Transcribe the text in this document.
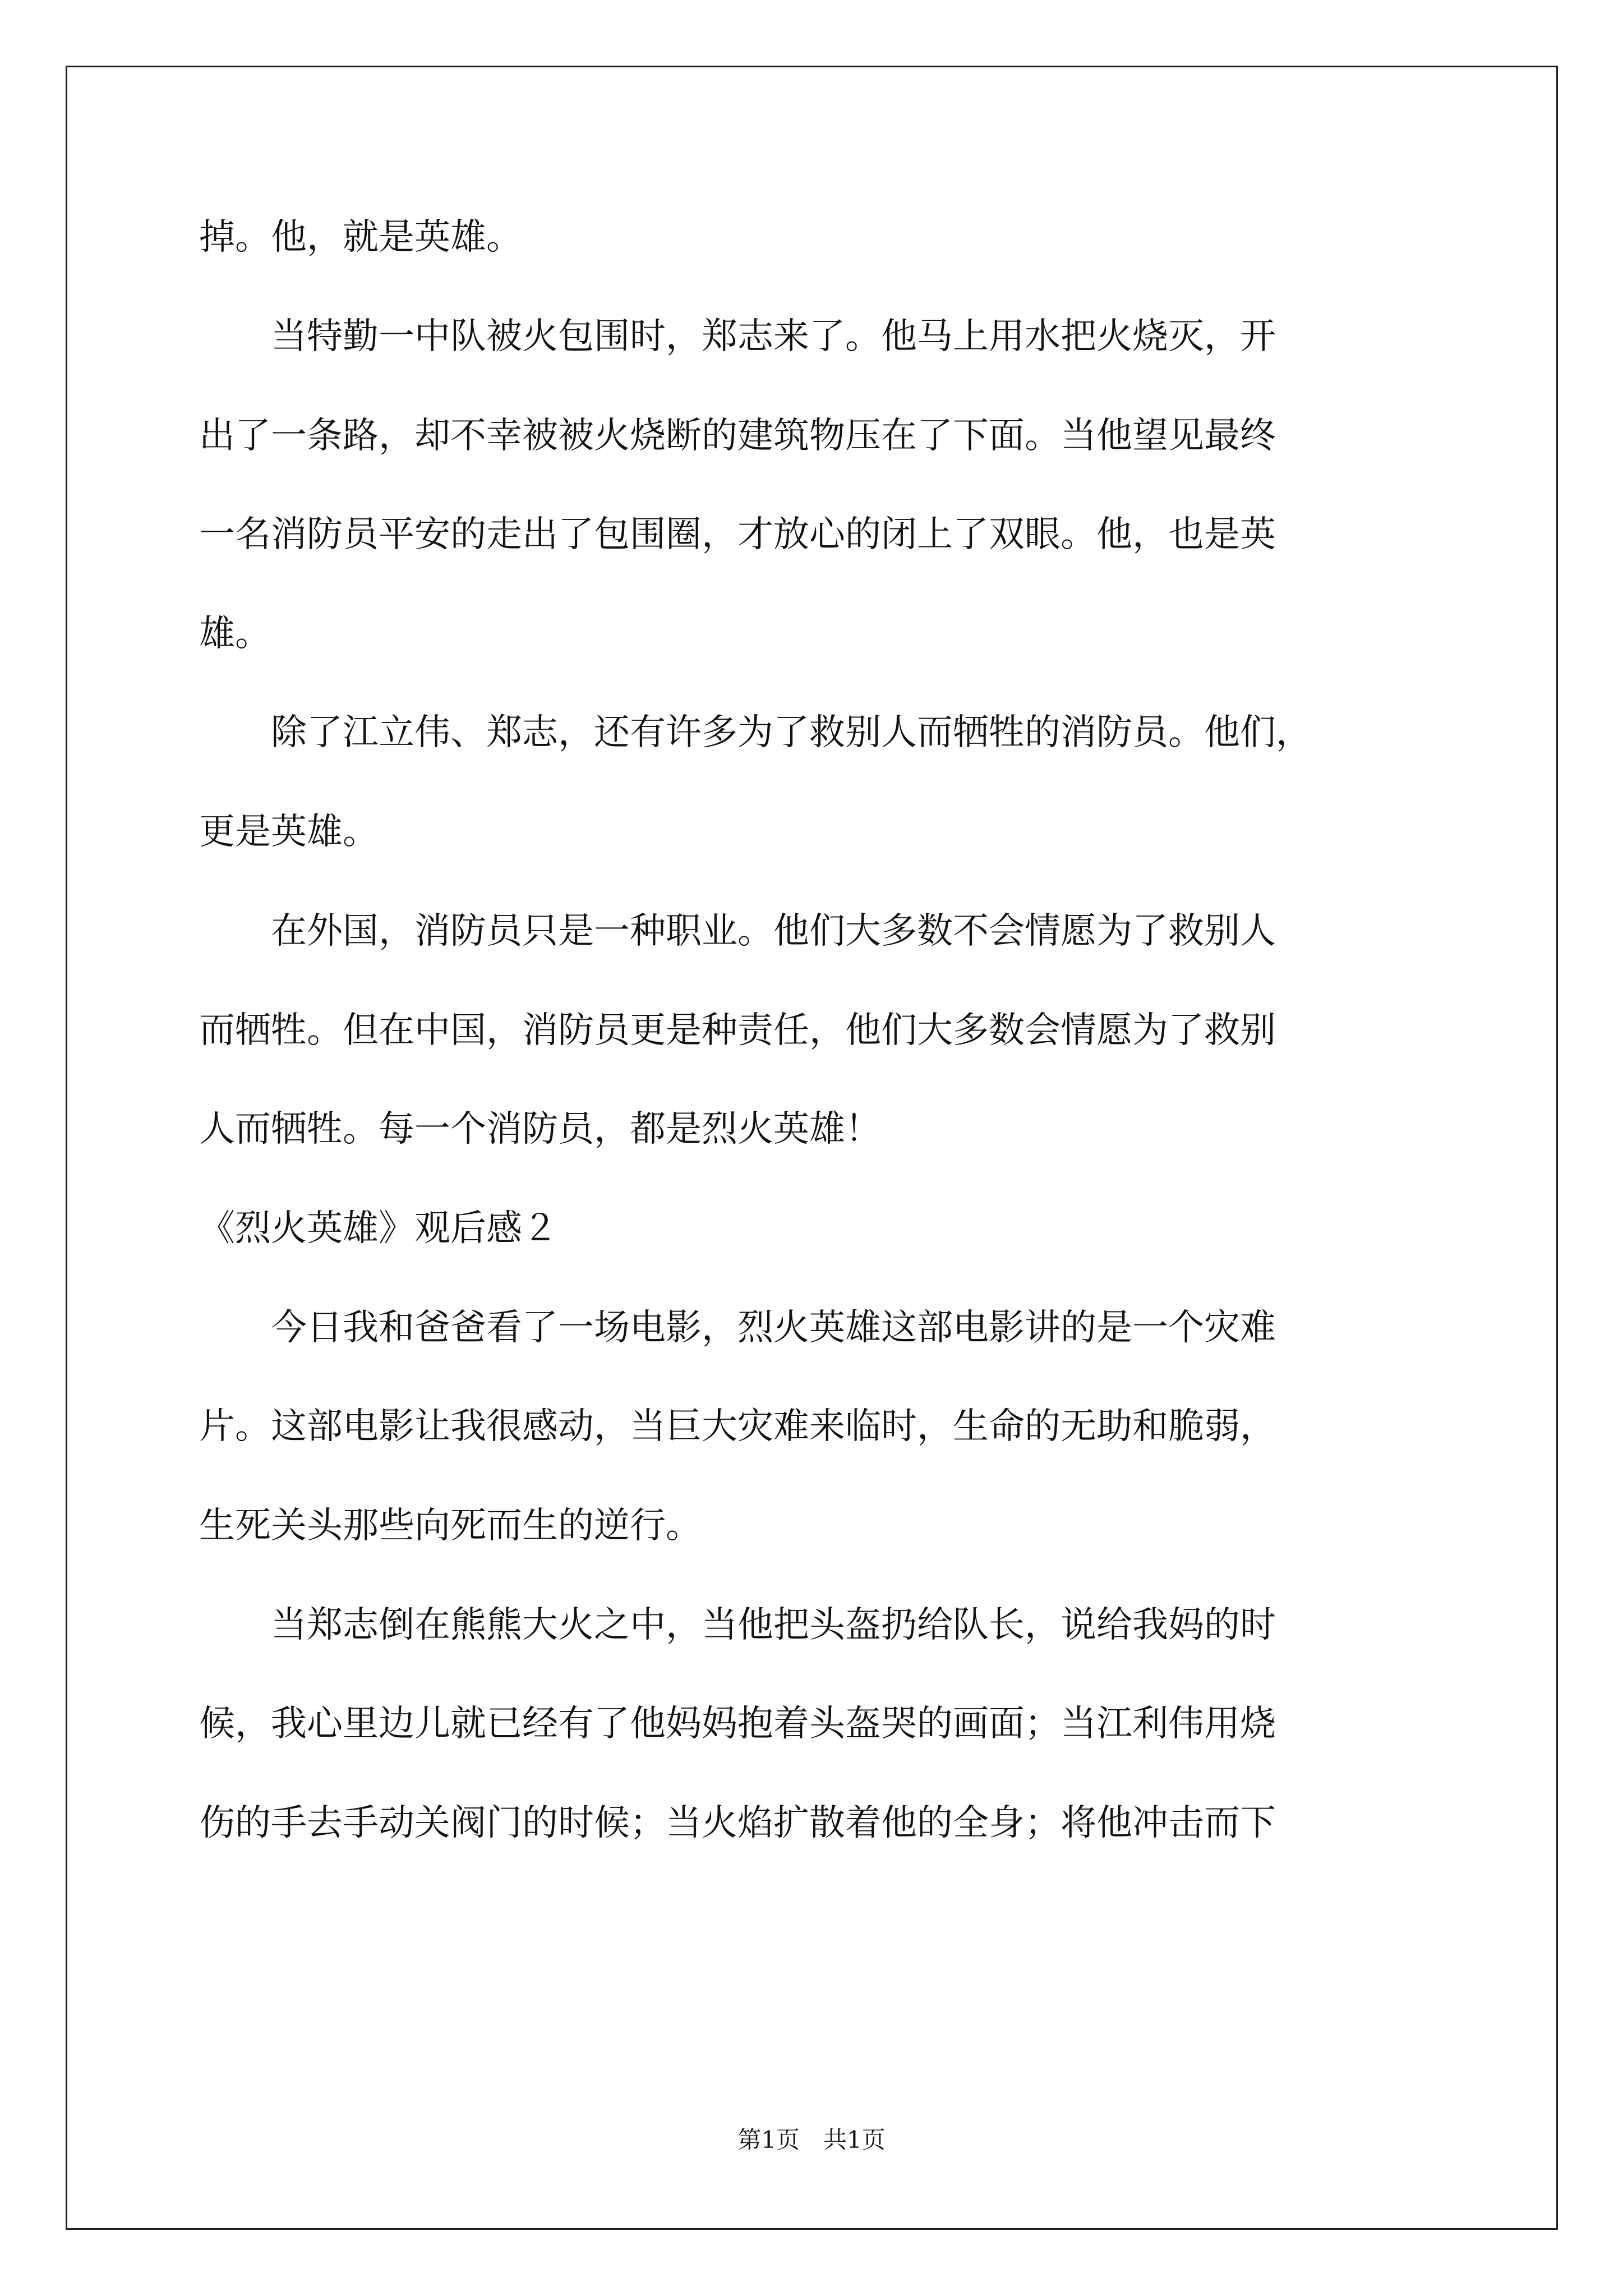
掉。他，就是英雄。
　　当特勤一中队被火包围时，郑志来了。他马上用水把火烧灭，开
出了一条路，却不幸被被火烧断的建筑物压在了下面。当他望见最终
一名消防员平安的走出了包围圈，才放心的闭上了双眼。他，也是英
雄。
　　除了江立伟、郑志，还有许多为了救别人而牺牲的消防员。他们，
更是英雄。
　　在外国，消防员只是一种职业。他们大多数不会情愿为了救别人
而牺牲。但在中国，消防员更是种责任，他们大多数会情愿为了救别
人而牺牲。每一个消防员，都是烈火英雄！
《烈火英雄》观后感２
　　今日我和爸爸看了一场电影，烈火英雄这部电影讲的是一个灾难
片。这部电影让我很感动，当巨大灾难来临时，生命的无助和脆弱，
生死关头那些向死而生的逆行。
　　当郑志倒在熊熊大火之中，当他把头盔扔给队长，说给我妈的时
候，我心里边儿就已经有了他妈妈抱着头盔哭的画面；当江利伟用烧
伤的手去手动关阀门的时候；当火焰扩散着他的全身；将他冲击而下
第1页　共1页
